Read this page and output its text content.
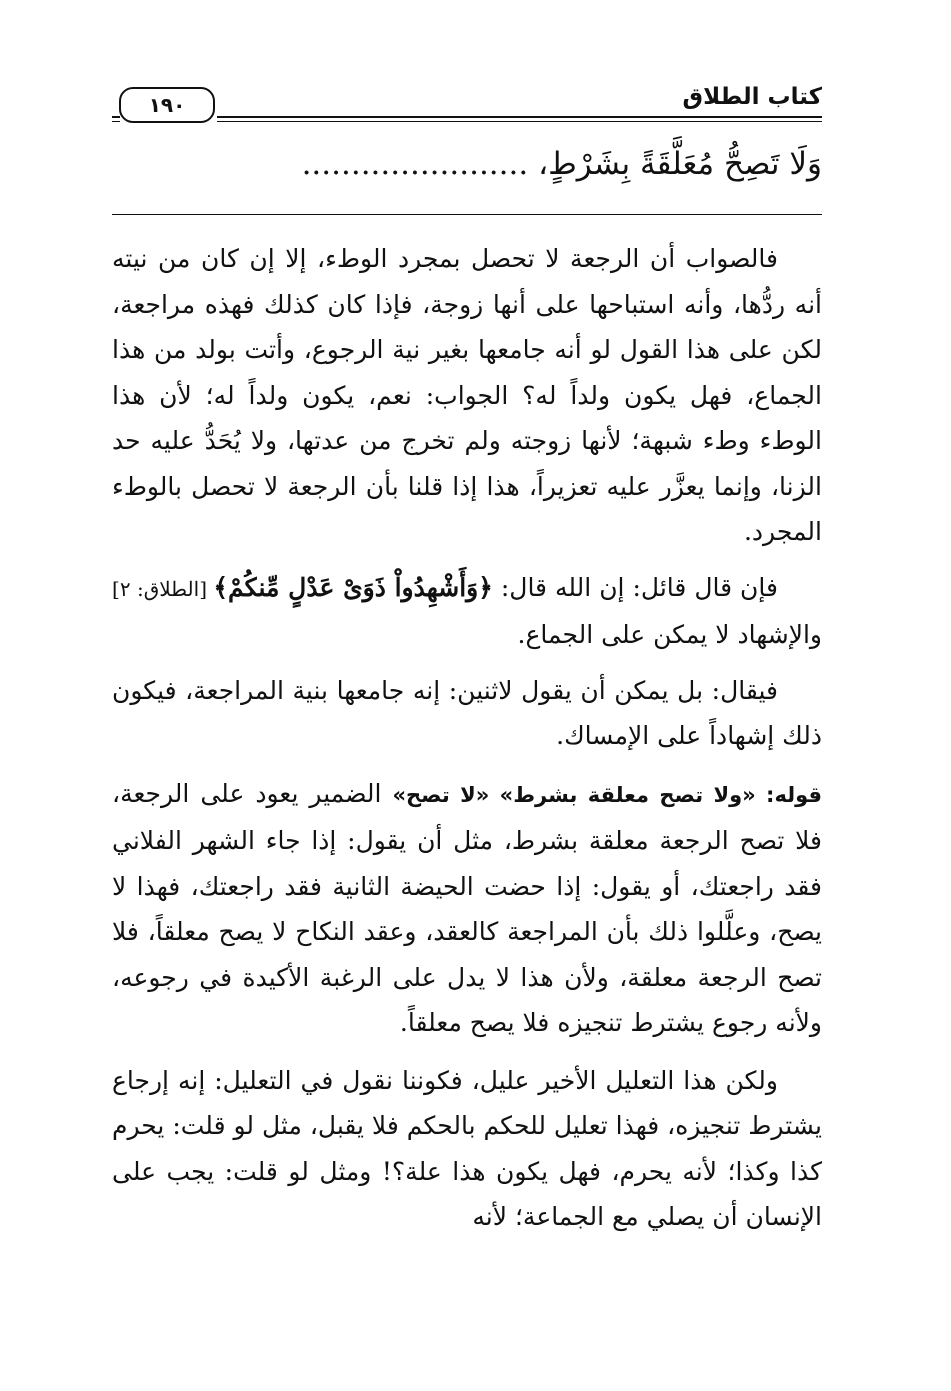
١٩٠	كتاب الطلاق
وَلَا تَصِحُّ مُعَلَّقَةً بِشَرْطٍ، .......................

فالصواب أن الرجعة لا تحصل بمجرد الوطء، إلا إن كان من نيته أنه ردُّها، وأنه استباحها على أنها زوجة، فإذا كان كذلك فهذه مراجعة، لكن على هذا القول لو أنه جامعها بغير نية الرجوع، وأتت بولد من هذا الجماع، فهل يكون ولداً له؟ الجواب: نعم، يكون ولداً له؛ لأن هذا الوطء وطء شبهة؛ لأنها زوجته ولم تخرج من عدتها، ولا يُحَدُّ عليه حد الزنا، وإنما يعزَّر عليه تعزيراً، هذا إذا قلنا بأن الرجعة لا تحصل بالوطء المجرد.

فإن قال قائل: إن الله قال: ﴿وَأَشْهِدُواْ ذَوَىْ عَدْلٍ مِّنكُمْ﴾ [الطلاق: ٢] والإشهاد لا يمكن على الجماع.

فيقال: بل يمكن أن يقول لاثنين: إنه جامعها بنية المراجعة، فيكون ذلك إشهاداً على الإمساك.

قوله: «ولا تصح معلقة بشرط» «لا تصح» الضمير يعود على الرجعة، فلا تصح الرجعة معلقة بشرط، مثل أن يقول: إذا جاء الشهر الفلاني فقد راجعتك، أو يقول: إذا حضت الحيضة الثانية فقد راجعتك، فهذا لا يصح، وعلَّلوا ذلك بأن المراجعة كالعقد، وعقد النكاح لا يصح معلقاً، فلا تصح الرجعة معلقة، ولأن هذا لا يدل على الرغبة الأكيدة في رجوعه، ولأنه رجوع يشترط تنجيزه فلا يصح معلقاً.

ولكن هذا التعليل الأخير عليل، فكوننا نقول في التعليل: إنه إرجاع يشترط تنجيزه، فهذا تعليل للحكم بالحكم فلا يقبل، مثل لو قلت: يحرم كذا وكذا؛ لأنه يحرم، فهل يكون هذا علة؟! ومثل لو قلت: يجب على الإنسان أن يصلي مع الجماعة؛ لأنه
